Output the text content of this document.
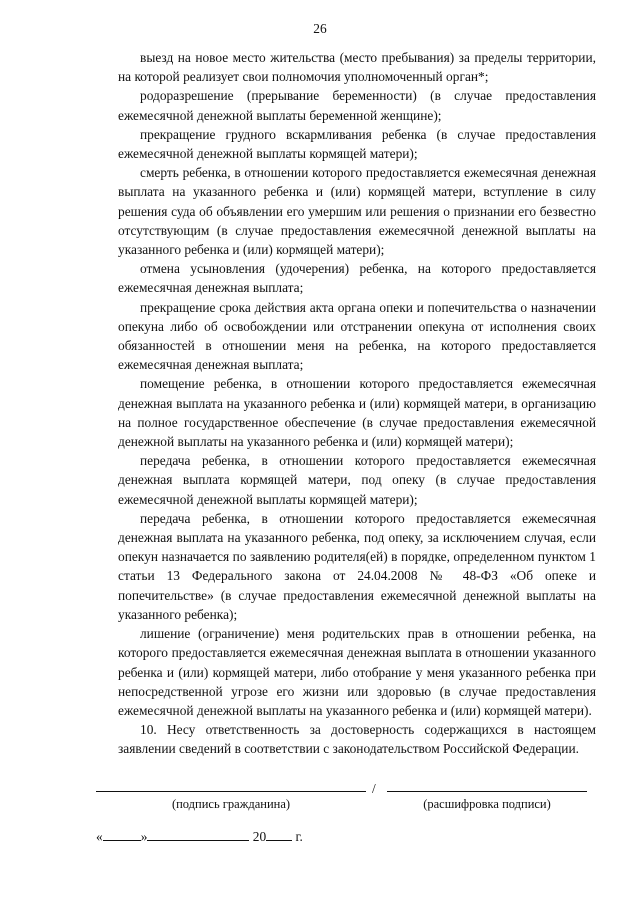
26

выезд на новое место жительства (место пребывания) за пределы территории, на которой реализует свои полномочия уполномоченный орган*;

родоразрешение (прерывание беременности) (в случае предоставления ежемесячной денежной выплаты беременной женщине);

прекращение грудного вскармливания ребенка (в случае предоставления ежемесячной денежной выплаты кормящей матери);

смерть ребенка, в отношении которого предоставляется ежемесячная денежная выплата на указанного ребенка и (или) кормящей матери, вступление в силу решения суда об объявлении его умершим или решения о признании его безвестно отсутствующим (в случае предоставления ежемесячной денежной выплаты на указанного ребенка и (или) кормящей матери);

отмена усыновления (удочерения) ребенка, на которого предоставляется ежемесячная денежная выплата;

прекращение срока действия акта органа опеки и попечительства о назначении опекуна либо об освобождении или отстранении опекуна от исполнения своих обязанностей в отношении меня на ребенка, на которого предоставляется ежемесячная денежная выплата;

помещение ребенка, в отношении которого предоставляется ежемесячная денежная выплата на указанного ребенка и (или) кормящей матери, в организацию на полное государственное обеспечение (в случае предоставления ежемесячной денежной выплаты на указанного ребенка и (или) кормящей матери);

передача ребенка, в отношении которого предоставляется ежемесячная денежная выплата кормящей матери, под опеку (в случае предоставления ежемесячной денежной выплаты кормящей матери);

передача ребенка, в отношении которого предоставляется ежемесячная денежная выплата на указанного ребенка, под опеку, за исключением случая, если опекун назначается по заявлению родителя(ей) в порядке, определенном пунктом 1 статьи 13 Федерального закона от 24.04.2008 № 48-ФЗ «Об опеке и попечительстве» (в случае предоставления ежемесячной денежной выплаты на указанного ребенка);

лишение (ограничение) меня родительских прав в отношении ребенка, на которого предоставляется ежемесячная денежная выплата в отношении указанного ребенка и (или) кормящей матери, либо отобрание у меня указанного ребенка при непосредственной угрозе его жизни или здоровью (в случае предоставления ежемесячной денежной выплаты на указанного ребенка и (или) кормящей матери).

10. Несу ответственность за достоверность содержащихся в настоящем заявлении сведений в соответствии с законодательством Российской Федерации.

/
(подпись гражданина)	(расшифровка подписи)
«	»	20 г.
